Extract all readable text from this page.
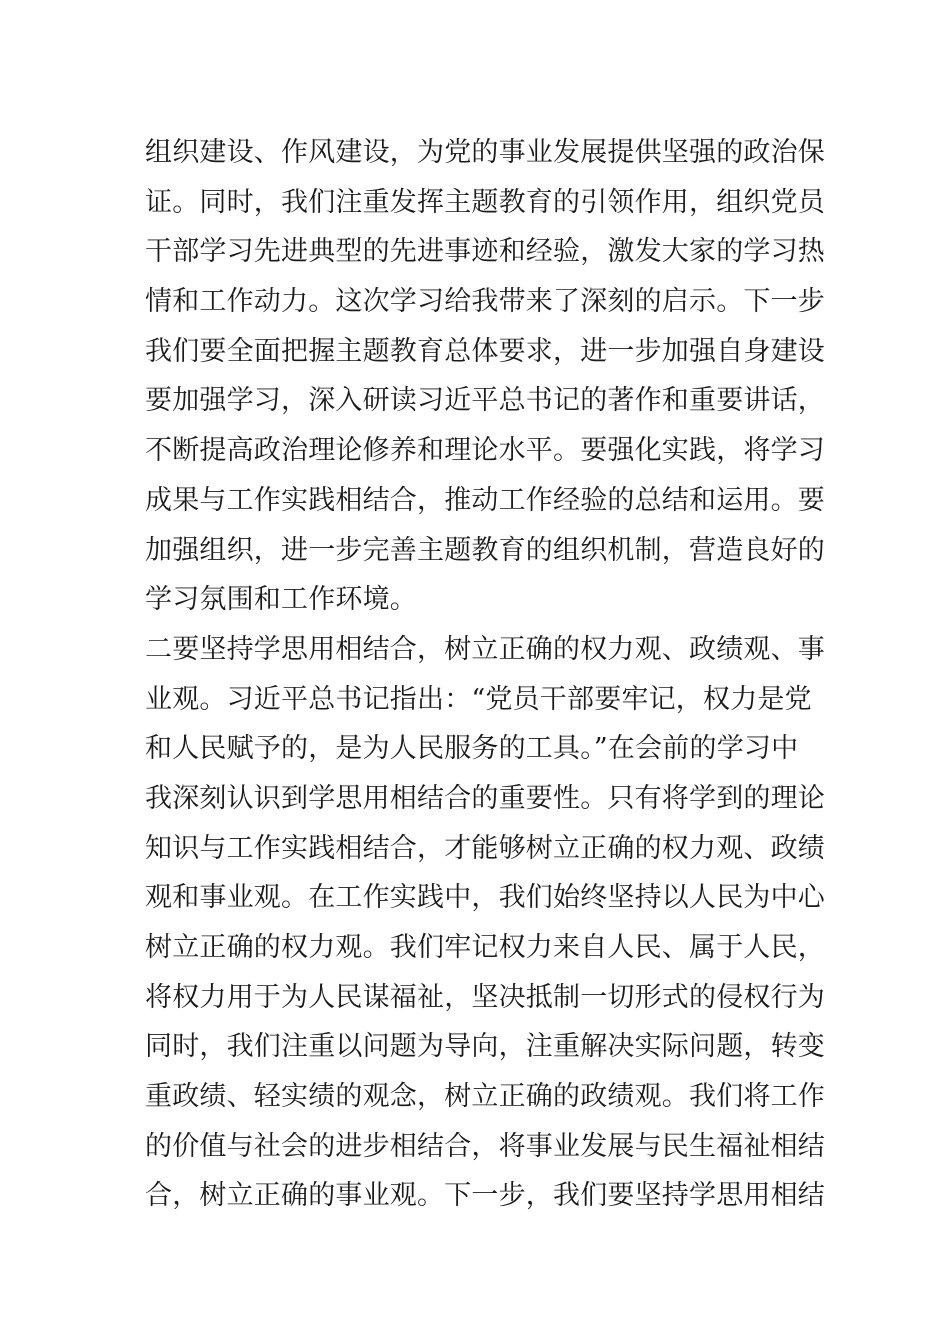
组织建设、作风建设，为党的事业发展提供坚强的政治保
证。同时，我们注重发挥主题教育的引领作用，组织党员
干部学习先进典型的先进事迹和经验，激发大家的学习热
情和工作动力。这次学习给我带来了深刻的启示。下一步
我们要全面把握主题教育总体要求，进一步加强自身建设
要加强学习，深入研读习近平总书记的著作和重要讲话，
不断提高政治理论修养和理论水平。要强化实践，将学习
成果与工作实践相结合，推动工作经验的总结和运用。要
加强组织，进一步完善主题教育的组织机制，营造良好的
学习氛围和工作环境。
二要坚持学思用相结合，树立正确的权力观、政绩观、事
业观。习近平总书记指出：“党员干部要牢记，权力是党
和人民赋予的，是为人民服务的工具。”在会前的学习中
我深刻认识到学思用相结合的重要性。只有将学到的理论
知识与工作实践相结合，才能够树立正确的权力观、政绩
观和事业观。在工作实践中，我们始终坚持以人民为中心
树立正确的权力观。我们牢记权力来自人民、属于人民，
将权力用于为人民谋福祉，坚决抵制一切形式的侵权行为
同时，我们注重以问题为导向，注重解决实际问题，转变
重政绩、轻实绩的观念，树立正确的政绩观。我们将工作
的价值与社会的进步相结合，将事业发展与民生福祉相结
合，树立正确的事业观。下一步，我们要坚持学思用相结
